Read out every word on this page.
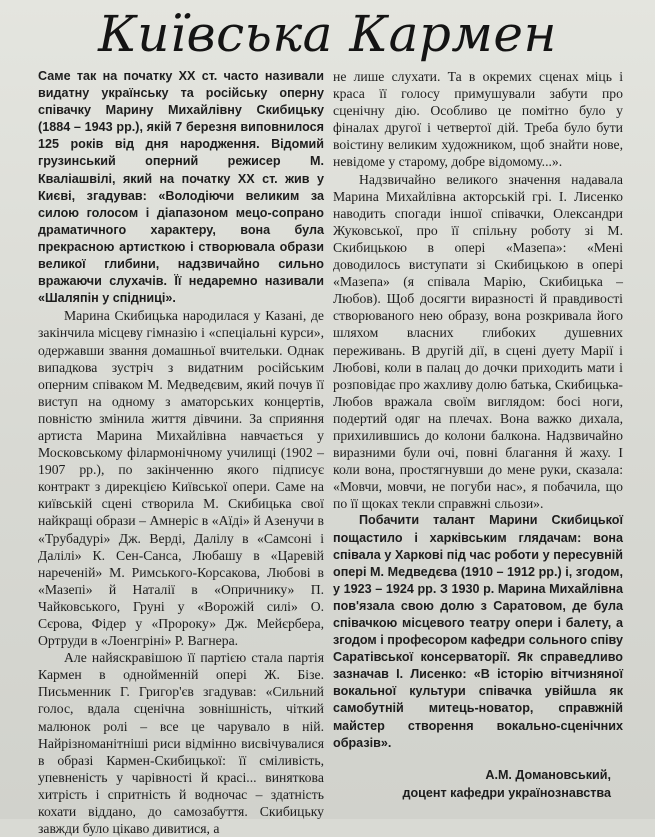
Київська Кармен

Саме так на початку XX ст. часто називали видатну українську та російську оперну співачку Марину Михайлівну Скибицьку (1884 – 1943 рр.), якій 7 березня виповнилося 125 років від дня народження. Відомий грузинський оперний режисер М. Кваліашвілі, який на початку XX ст. жив у Києві, згадував: «Володіючи великим за силою голосом і діапазоном мецо-сопрано драматичного характеру, вона була прекрасною артисткою і створювала образи великої глибини, надзвичайно сильно вражаючи слухачів. Її недаремно називали «Шаляпін у спідниці».

Марина Скибицька народилася у Казані, де закінчила місцеву гімназію і «спеціальні курси», одержавши звання домашньої вчительки. Однак випадкова зустріч з видатним російським оперним співаком М. Медведєвим, який почув її виступ на одному з аматорських концертів, повністю змінила життя дівчини. За сприяння артиста Марина Михайлівна навчається у Московському філармонічному училищі (1902 – 1907 рр.), по закінченню якого підписує контракт з дирекцією Київської опери. Саме на київській сцені створила М. Скибицька свої найкращі образи – Амнеріс в «Аїді» й Азенучи в «Трубадурі» Дж. Верді, Далілу в «Самсоні і Далілі» К. Сен-Санса, Любашу в «Царевій нареченій» М. Римського-Корсакова, Любові в «Мазепі» й Наталії в «Опричнику» П. Чайковського, Груні у «Ворожій силі» О. Сєрова, Фідер у «Пророку» Дж. Мейєрбера, Ортруди в «Лоенгріні» Р. Вагнера.

Але найяскравішою її партією стала партія Кармен в однойменній опері Ж. Бізе. Письменник Г. Григор'єв згадував: «Сильний голос, вдала сценічна зовнішність, чіткий малюнок ролі – все це чарувало в ній. Найрізноманітніші риси відмінно висвічувалися в образі Кармен-Скибицької: її сміливість, упевненість у чарівності й красі... винятковa хитрість і спритність й водночас – здатність кохати віддано, до самозабуття. Скибицьку завжди було цікаво дивитися, а

не лише слухати. Та в окремих сценах міць і краса її голосу примушували забути про сценічну дію. Особливо це помітно було у фіналах другої і четвертої дій. Треба було бути воістину великим художником, щоб знайти нове, невідоме у старому, добре відомому...».

Надзвичайно великого значення надавала Марина Михайлівна акторській грі. І. Лисенко наводить спогади іншої співачки, Олександри Жуковської, про її спільну роботу зі М. Скибицькою в опері «Мазепа»: «Мені доводилось виступати зі Скибицькою в опері «Мазепа» (я співала Марію, Скибицька – Любов). Щоб досягти виразності й правдивості створюваного нею образу, вона розкривала його шляхом власних глибоких душевних переживань. В другій дії, в сцені дуету Марії і Любові, коли в палац до дочки приходить мати і розповідає про жахливу долю батька, Скибицька-Любов вражала своїм виглядом: босі ноги, подертий одяг на плечах. Вона важко дихала, прихилившись до колони балкона. Надзвичайно виразними були очі, повні благання й жаху. І коли вона, простягнувши до мене руки, сказала: «Мовчи, мовчи, не погуби нас», я побачила, що по її щоках текли справжні сльози».

Побачити талант Марини Скибицької пощастило і харківським глядачам: вона співала у Харкові під час роботи у пересувній опері М. Медведєва (1910 – 1912 рр.) і, згодом, у 1923 – 1924 рр. З 1930 р. Марина Михайлівна пов'язала свою долю з Саратовом, де була співачкою місцевого театру опери і балету, а згодом і професором кафедри сольного співу Саратівської консерваторії. Як справедливо зазначав І. Лисенко: «В історію вітчизняної вокальної культури співачка увійшла як самобутній митець-новатор, справжній майстер створення вокально-сценічних образів».

А.М. Домановський,
доцент кафедри українознавства
